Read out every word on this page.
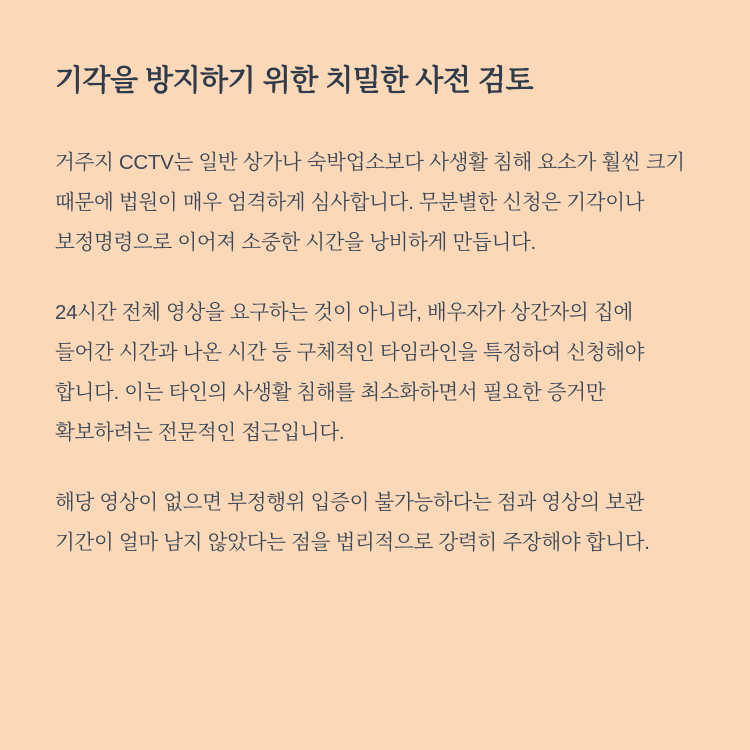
기각을 방지하기 위한 치밀한 사전 검토

거주지 CCTV는 일반 상가나 숙박업소보다 사생활 침해 요소가 훨씬 크기 때문에 법원이 매우 엄격하게 심사합니다. 무분별한 신청은 기각이나 보정명령으로 이어져 소중한 시간을 낭비하게 만듭니다.

24시간 전체 영상을 요구하는 것이 아니라, 배우자가 상간자의 집에 들어간 시간과 나온 시간 등 구체적인 타임라인을 특정하여 신청해야 합니다. 이는 타인의 사생활 침해를 최소화하면서 필요한 증거만 확보하려는 전문적인 접근입니다.

해당 영상이 없으면 부정행위 입증이 불가능하다는 점과 영상의 보관 기간이 얼마 남지 않았다는 점을 법리적으로 강력히 주장해야 합니다.
